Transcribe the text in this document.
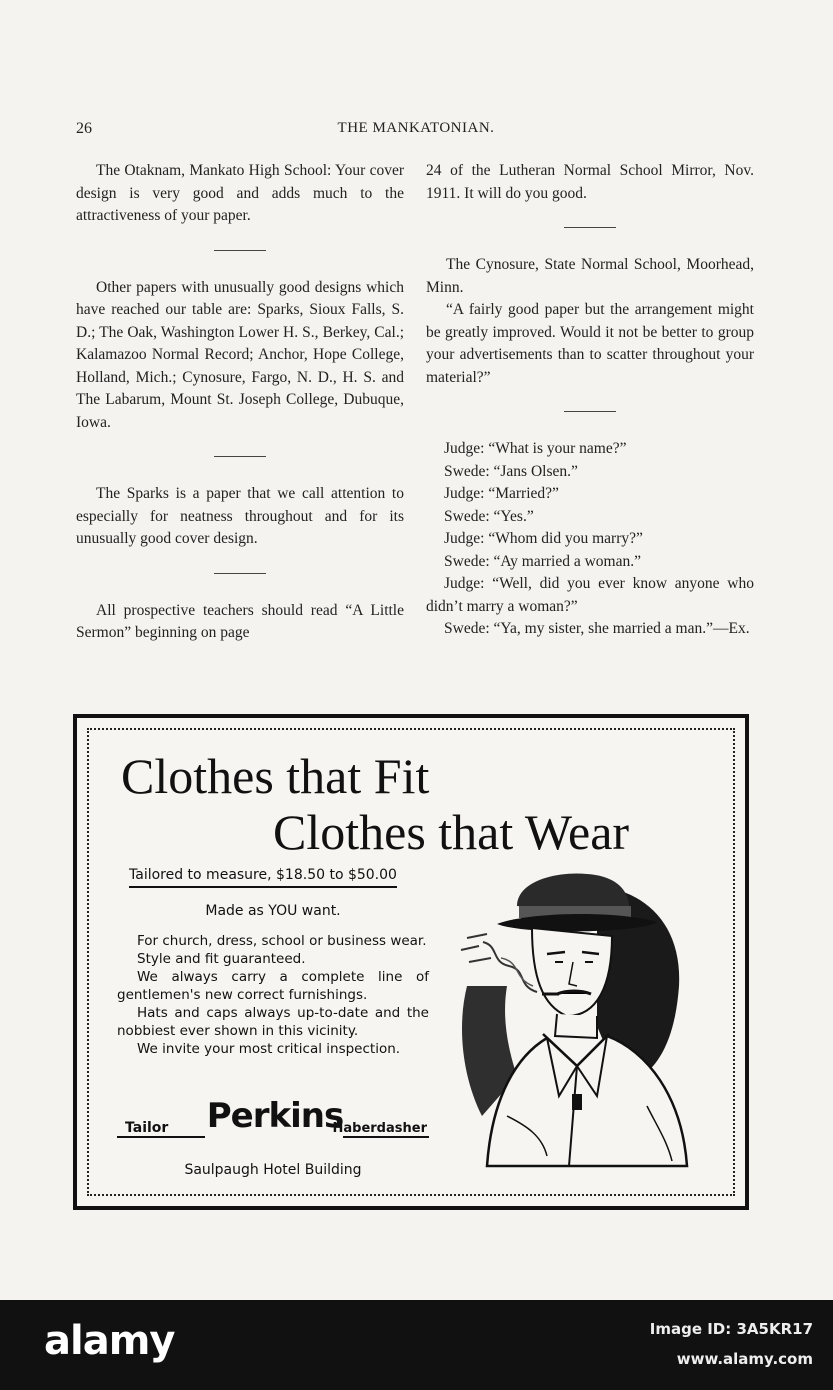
26	THE MANKATONIAN.

The Otaknam, Mankato High School: Your cover design is very good and adds much to the attractiveness of your paper.

Other papers with unusually good designs which have reached our table are: Sparks, Sioux Falls, S. D.; The Oak, Washington Lower H. S., Berkey, Cal.; Kalamazoo Normal Record; Anchor, Hope College, Holland, Mich.; Cynosure, Fargo, N. D., H. S. and The Labarum, Mount St. Joseph College, Dubuque, Iowa.

The Sparks is a paper that we call attention to especially for neatness throughout and for its unusually good cover design.

All prospective teachers should read “A Little Sermon” beginning on page

24 of the Lutheran Normal School Mirror, Nov. 1911. It will do you good.

The Cynosure, State Normal School, Moorhead, Minn.

“A fairly good paper but the arrangement might be greatly improved. Would it not be better to group your advertisements than to scatter throughout your material?”

Judge: “What is your name?”

Swede: “Jans Olsen.”

Judge: “Married?”

Swede: “Yes.”

Judge: “Whom did you marry?”

Swede: “Ay married a woman.”

Judge: “Well, did you ever know anyone who didn’t marry a woman?”

Swede: “Ya, my sister, she married a man.”—Ex.

Clothes that Fit
Clothes that Wear
Tailored to measure, $18.50 to $50.00
Made as YOU want.

For church, dress, school or business wear.

Style and fit guaranteed.

We always carry a complete line of gentlemen's new correct furnishings.

Hats and caps always up-to-date and the nobbiest ever shown in this vicinity.

We invite your most critical inspection.

Tailor Perkins
Haberdasher
Saulpaugh Hotel Building
alamy	Image ID: 3A5KR17
www.alamy.com
